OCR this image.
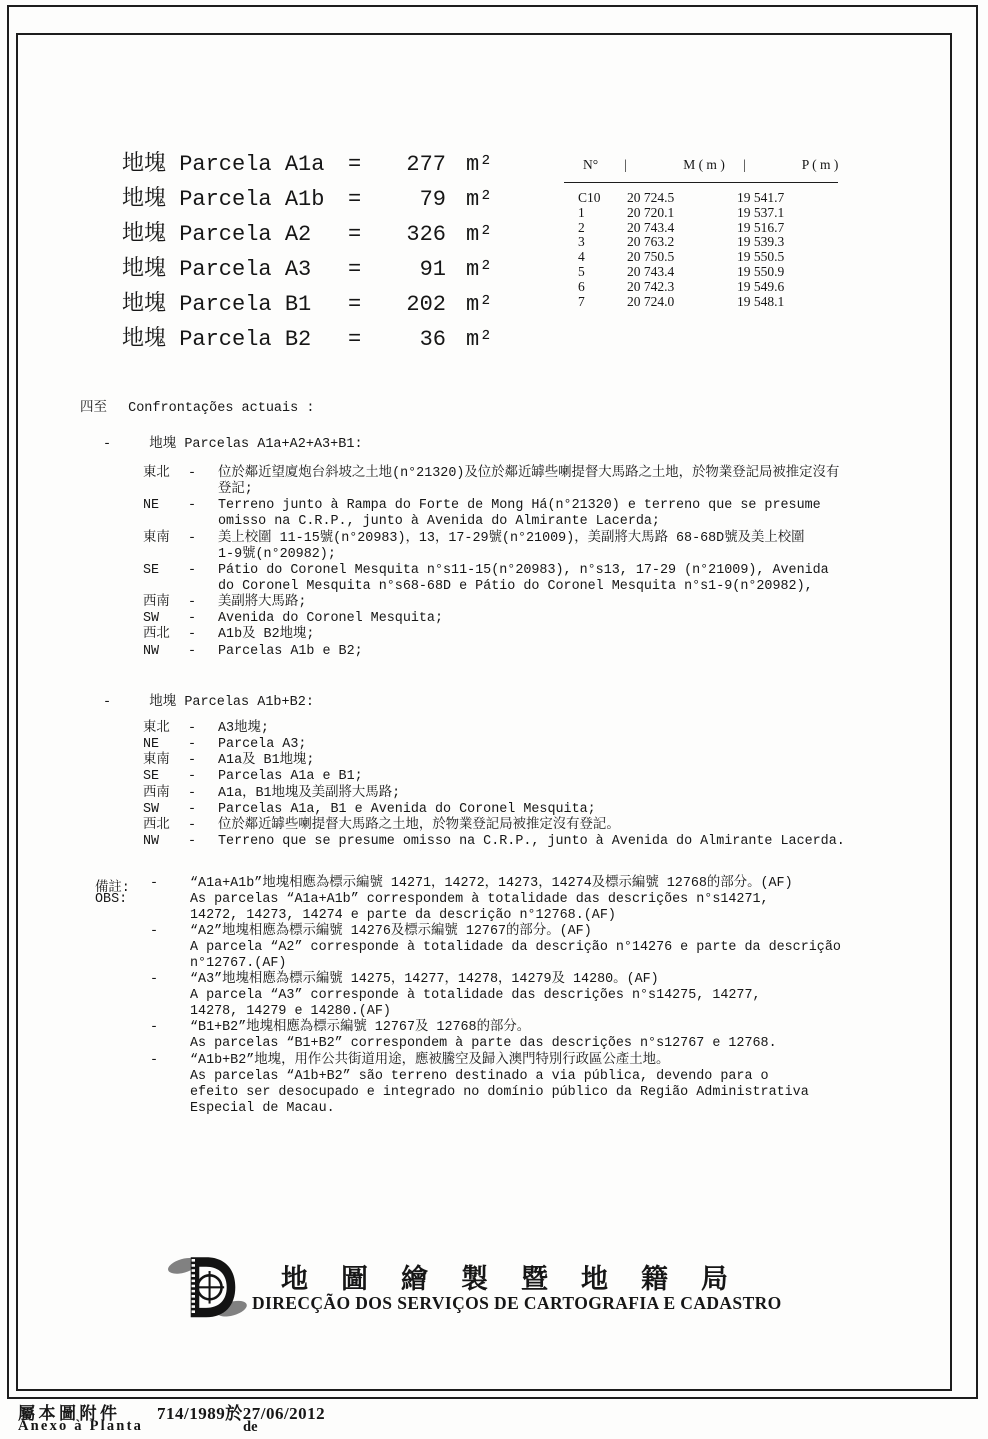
地塊 Parcela A1a	=	277 m²
地塊 Parcela A1b	=	79 m²
地塊 Parcela A2	=	326 m²
地塊 Parcela A3	=	91 m²
地塊 Parcela B1	=	202 m²
地塊 Parcela B2	=	36 m²
N° |	M ( m )	|	P ( m )
C10	20 724.5	19 541.7
1	20 720.1	19 537.1
2	20 743.4	19 516.7
3	20 763.2	19 539.3
4	20 750.5	19 550.5
5	20 743.4	19 550.9
6	20 742.3	19 549.6
7	20 724.0	19 548.1
四至 Confrontações actuais :
-	地塊 Parcelas A1a+A2+A3+B1:
東北	-	位於鄰近望廈炮台斜坡之土地(n°21320)及位於鄰近罅些喇提督大馬路之土地，於物業登記局被推定沒有
登記;
NE	-	Terreno junto à Rampa do Forte de Mong Há(n°21320) e terreno que se presume
omisso na C.R.P., junto à Avenida do Almirante Lacerda;
東南	-	美上校圍 11-15號(n°20983)，13，17-29號(n°21009)，美副將大馬路 68-68D號及美上校圍
1-9號(n°20982);
SE	-	Pátio do Coronel Mesquita n°s11-15(n°20983), n°s13, 17-29 (n°21009), Avenida
do Coronel Mesquita n°s68-68D e Pátio do Coronel Mesquita n°s1-9(n°20982),
西南	-	美副將大馬路;
SW	-	Avenida do Coronel Mesquita;
西北	-	A1b及 B2地塊;
NW	-	Parcelas A1b e B2;
-	地塊 Parcelas A1b+B2:
東北	-	A3地塊;
NE	-	Parcela A3;
東南	-	A1a及 B1地塊;
SE	-	Parcelas A1a e B1;
西南	-	A1a，B1地塊及美副將大馬路;
SW	-	Parcelas A1a, B1 e Avenida do Coronel Mesquita;
西北	-	位於鄰近罅些喇提督大馬路之土地，於物業登記局被推定沒有登記。
NW	-	Terreno que se presume omisso na C.R.P., junto à Avenida do Almirante Lacerda.
備註:
OBS:
-	“A1a+A1b”地塊相應為標示編號 14271，14272，14273，14274及標示編號 12768的部分。(AF)
As parcelas “A1a+A1b” correspondem à totalidade das descrições n°s14271,
14272, 14273, 14274 e parte da descrição n°12768.(AF)
-	“A2”地塊相應為標示編號 14276及標示編號 12767的部分。(AF)
A parcela “A2” corresponde à totalidade da descrição n°14276 e parte da descrição
n°12767.(AF)
-	“A3”地塊相應為標示編號 14275，14277，14278，14279及 14280。(AF)
A parcela “A3” corresponde à totalidade das descrições n°s14275, 14277,
14278, 14279 e 14280.(AF)
-	“B1+B2”地塊相應為標示編號 12767及 12768的部分。
As parcelas “B1+B2” correspondem à parte das descrições n°s12767 e 12768.
-	“A1b+B2”地塊，用作公共街道用途，應被騰空及歸入澳門特別行政區公產土地。
As parcelas “A1b+B2” são terreno destinado a via pública, devendo para o
efeito ser desocupado e integrado no domínio público da Região Administrativa
Especial de Macau.
地圖繪製暨地籍局
DIRECÇÃO DOS SERVIÇOS DE CARTOGRAFIA E CADASTRO
屬本圖附件
Anexo à Planta
714/1989於27/06/2012
de
